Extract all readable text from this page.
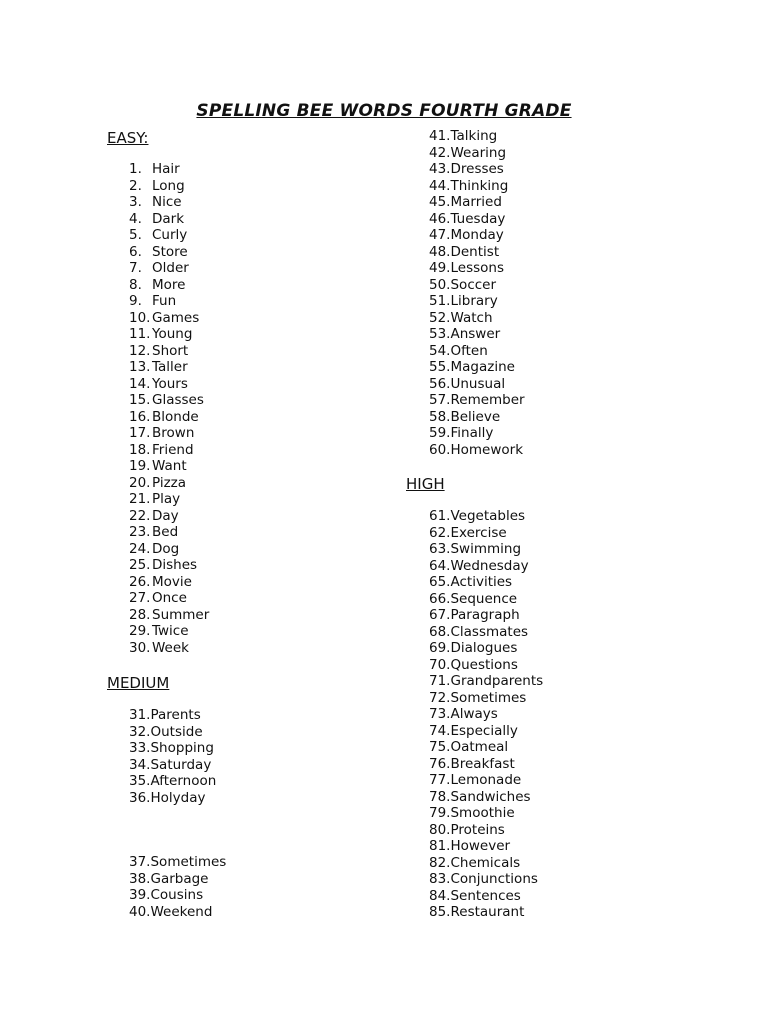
SPELLING BEE WORDS FOURTH GRADE
EASY:
1. Hair
2. Long
3. Nice
4. Dark
5. Curly
6. Store
7. Older
8. More
9. Fun
10. Games
11. Young
12. Short
13. Taller
14. Yours
15. Glasses
16. Blonde
17. Brown
18. Friend
19. Want
20. Pizza
21. Play
22. Day
23. Bed
24. Dog
25. Dishes
26. Movie
27. Once
28. Summer
29. Twice
30. Week
MEDIUM
31.Parents
32.Outside
33.Shopping
34.Saturday
35.Afternoon
36.Holyday
37.Sometimes
38.Garbage
39.Cousins
40.Weekend
41.Talking
42.Wearing
43.Dresses
44.Thinking
45.Married
46.Tuesday
47.Monday
48.Dentist
49.Lessons
50.Soccer
51.Library
52.Watch
53.Answer
54.Often
55.Magazine
56.Unusual
57.Remember
58.Believe
59.Finally
60.Homework
HIGH
61.Vegetables
62.Exercise
63.Swimming
64.Wednesday
65.Activities
66.Sequence
67.Paragraph
68.Classmates
69.Dialogues
70.Questions
71.Grandparents
72.Sometimes
73.Always
74.Especially
75.Oatmeal
76.Breakfast
77.Lemonade
78.Sandwiches
79.Smoothie
80.Proteins
81.However
82.Chemicals
83.Conjunctions
84.Sentences
85.Restaurant
